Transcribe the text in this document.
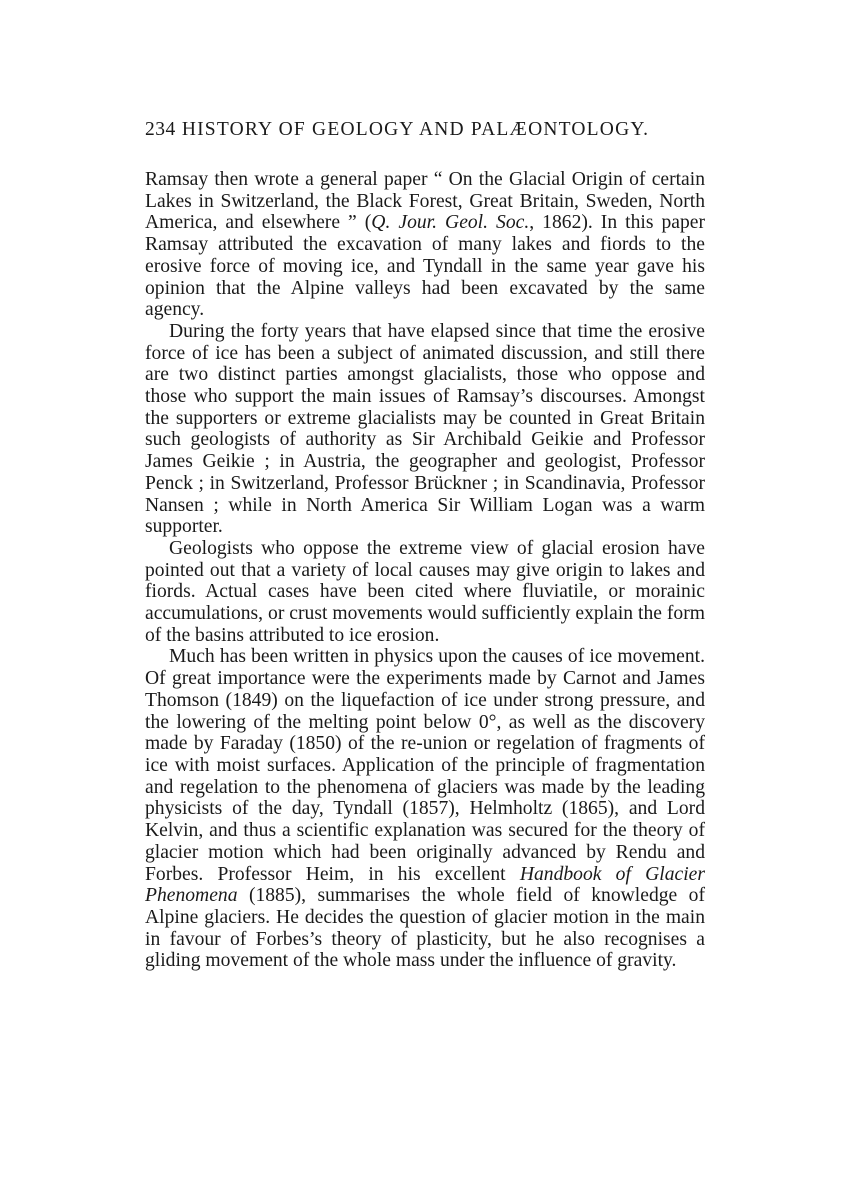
234 HISTORY OF GEOLOGY AND PALÆONTOLOGY.

Ramsay then wrote a general paper “ On the Glacial Origin of certain Lakes in Switzerland, the Black Forest, Great Britain, Sweden, North America, and elsewhere ” (Q. Jour. Geol. Soc., 1862). In this paper Ramsay attributed the excavation of many lakes and fiords to the erosive force of moving ice, and Tyndall in the same year gave his opinion that the Alpine valleys had been excavated by the same agency.

During the forty years that have elapsed since that time the erosive force of ice has been a subject of animated discussion, and still there are two distinct parties amongst glacialists, those who oppose and those who support the main issues of Ramsay’s discourses. Amongst the supporters or extreme glacialists may be counted in Great Britain such geologists of authority as Sir Archibald Geikie and Professor James Geikie ; in Austria, the geographer and geologist, Professor Penck ; in Switzerland, Professor Brückner ; in Scandinavia, Professor Nansen ; while in North America Sir William Logan was a warm supporter.

Geologists who oppose the extreme view of glacial erosion have pointed out that a variety of local causes may give origin to lakes and fiords. Actual cases have been cited where fluviatile, or morainic accumulations, or crust movements would sufficiently explain the form of the basins attributed to ice erosion.

Much has been written in physics upon the causes of ice movement. Of great importance were the experiments made by Carnot and James Thomson (1849) on the liquefaction of ice under strong pressure, and the lowering of the melting point below 0°, as well as the discovery made by Faraday (1850) of the re-union or regelation of fragments of ice with moist surfaces. Application of the principle of fragmentation and regelation to the phenomena of glaciers was made by the leading physicists of the day, Tyndall (1857), Helmholtz (1865), and Lord Kelvin, and thus a scientific explanation was secured for the theory of glacier motion which had been originally advanced by Rendu and Forbes. Professor Heim, in his excellent Handbook of Glacier Phenomena (1885), summarises the whole field of knowledge of Alpine glaciers. He decides the question of glacier motion in the main in favour of Forbes’s theory of plasticity, but he also recognises a gliding movement of the whole mass under the influence of gravity.
